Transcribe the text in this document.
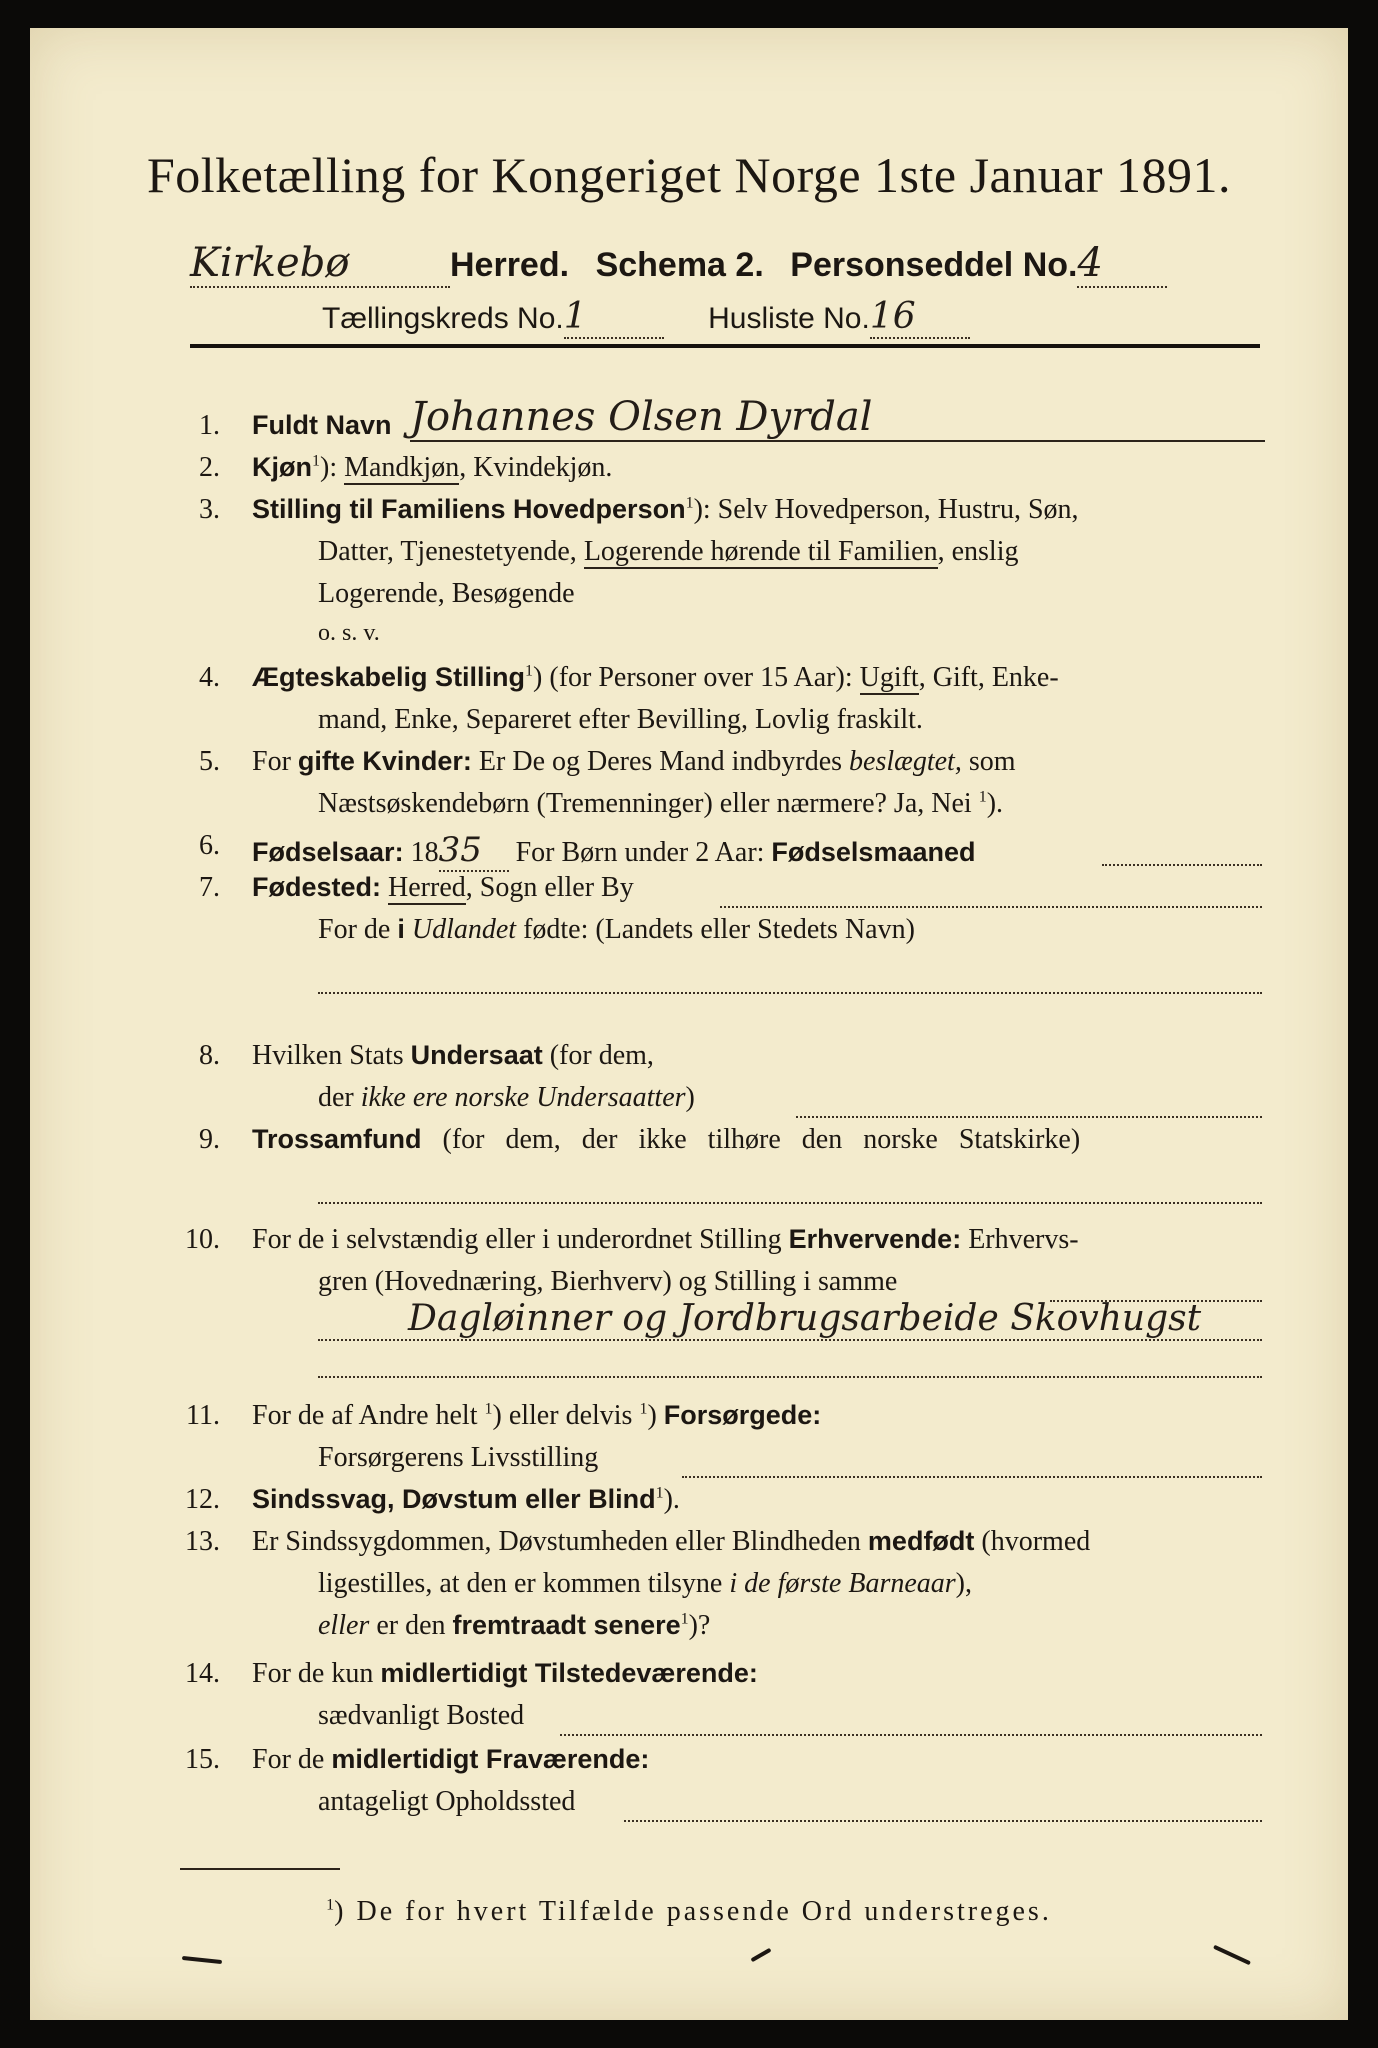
Folketælling for Kongeriget Norge 1ste Januar 1891.
Kirkebø	Herred. Schema 2. Personseddel No.4
Tællingskreds No.1	Husliste No.16
1. Fuldt Navn Johannes Olsen Dyrdal
2. Kjøn$^1$): Mandkjøn, Kvindekjøn.
3. Stilling til Familiens Hovedperson$^1$): Selv Hovedperson, Hustru, Søn,
Datter, Tjenestetyende, Logerende hørende til Familien, enslig
Logerende, Besøgende
o. s. v.
4. Ægteskabelig Stilling$^1$) (for Personer over 15 Aar): Ugift, Gift, Enke-
mand, Enke, Separeret efter Bevilling, Lovlig fraskilt.
5. For gifte Kvinder: Er De og Deres Mand indbyrdes beslægtet, som
Næstsøskendebørn (Tremenninger) eller nærmere? Ja, Nei $^1$).
6. Fødselsaar: 1835 For Børn under 2 Aar: Fødselsmaaned
7. Fødested: Herred, Sogn eller By
For de i Udlandet fødte: (Landets eller Stedets Navn)
8. Hvilken Stats Undersaat (for dem,
der ikke ere norske Undersaatter)
9. Trossamfund (for dem, der ikke tilhøre den norske Statskirke)
10. For de i selvstændig eller i underordnet Stilling Erhvervende: Erhvervs-
gren (Hovednæring, Bierhverv) og Stilling i samme
Dagløinner og Jordbrugsarbeide Skovhugst
11. For de af Andre helt $^1$) eller delvis $^1$) Forsørgede:
Forsørgerens Livsstilling
12. Sindssvag, Døvstum eller Blind$^1$).
13. Er Sindssygdommen, Døvstumheden eller Blindheden medfødt (hvormed
ligestilles, at den er kommen tilsyne i de første Barneaar),
eller er den fremtraadt senere$^1$)?
14. For de kun midlertidigt Tilstedeværende:
sædvanligt Bosted
15. For de midlertidigt Fraværende:
antageligt Opholdssted
$^1$) De for hvert Tilfælde passende Ord understreges.
